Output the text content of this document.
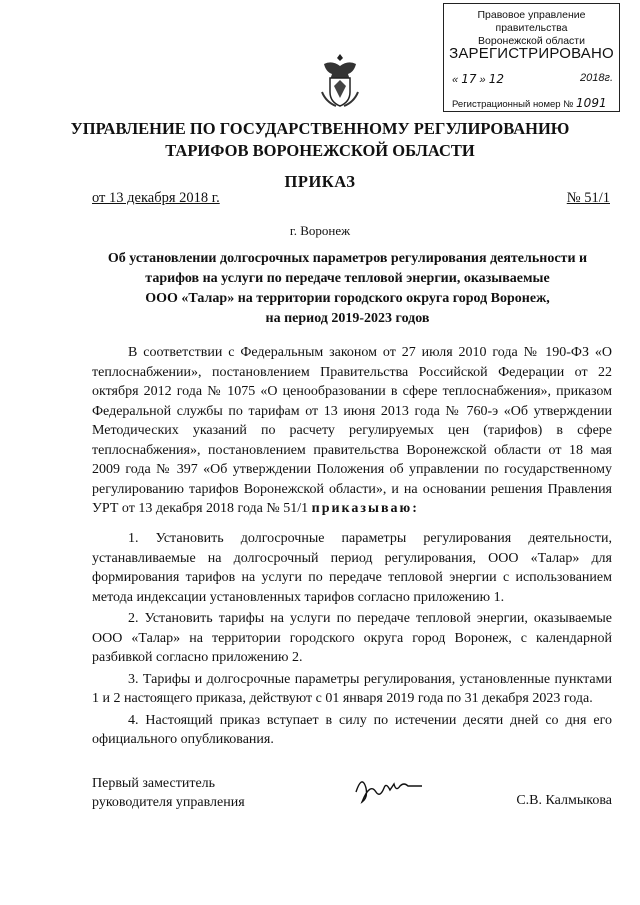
Правовое управление правительства
Воронежской области
ЗАРЕГИСТРИРОВАНО
« 17 » 12	2018г.
Регистрационный номер № 1091
УПРАВЛЕНИЕ ПО ГОСУДАРСТВЕННОМУ РЕГУЛИРОВАНИЮ
ТАРИФОВ ВОРОНЕЖСКОЙ ОБЛАСТИ
ПРИКАЗ
от 13 декабря 2018 г.	№ 51/1
г. Воронеж
Об установлении долгосрочных параметров регулирования деятельности и
тарифов на услуги по передаче тепловой энергии, оказываемые
ООО «Талар» на территории городского округа город Воронеж,
на период 2019-2023 годов
В соответствии с Федеральным законом от 27 июля 2010 года № 190-ФЗ «О теплоснабжении», постановлением Правительства Российской Федерации от 22 октября 2012 года № 1075 «О ценообразовании в сфере теплоснабжения», приказом Федеральной службы по тарифам от 13 июня 2013 года № 760-э «Об утверждении Методических указаний по расчету регулируемых цен (тарифов) в сфере теплоснабжения», постановлением правительства Воронежской области от 18 мая 2009 года № 397 «Об утверждении Положения об управлении по государственному регулированию тарифов Воронежской области», и на основании решения Правления УРТ от 13 декабря 2018 года № 51/1 приказываю:

1. Установить долгосрочные параметры регулирования деятельности, устанавливаемые на долгосрочный период регулирования, ООО «Талар» для формирования тарифов на услуги по передаче тепловой энергии с использованием метода индексации установленных тарифов согласно приложению 1.

2. Установить тарифы на услуги по передаче тепловой энергии, оказываемые ООО «Талар» на территории городского округа город Воронеж, с календарной разбивкой согласно приложению 2.

3. Тарифы и долгосрочные параметры регулирования, установленные пунктами 1 и 2 настоящего приказа, действуют с 01 января 2019 года по 31 декабря 2023 года.

4. Настоящий приказ вступает в силу по истечении десяти дней со дня его официального опубликования.

Первый заместитель
руководителя управления	С.В. Калмыкова
